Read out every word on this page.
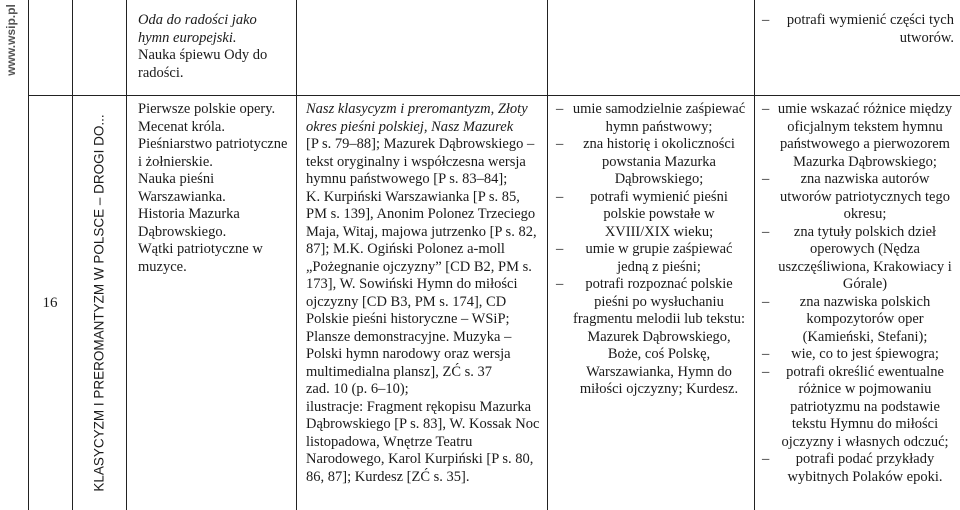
www.wsip.pl	Oda do radości jako hymn europejski.

Nauka śpiewu Ody do radości.

– potrafi wymienić części tych utworów.
16	KLASYCYZM I PREROMANTYZM W POLSCE – DROGI DO...

Pierwsze polskie opery.

Mecenat króla.

Pieśniarstwo patriotyczne i żołnierskie.

Nauka pieśni Warszawianka.

Historia Mazurka Dąbrowskiego.

Wątki patriotyczne w muzyce.

Nasz klasycyzm i preromantyzm, Złoty okres pieśni polskiej, Nasz Mazurek

[P s. 79–88]; Mazurek Dąbrowskiego – tekst oryginalny i współczesna wersja hymnu państwowego [P s. 83–84];

K. Kurpiński Warszawianka [P s. 85, PM s. 139], Anonim Polonez Trzeciego Maja, Witaj, majowa jutrzenko [P s. 82, 87]; M.K. Ogiński Polonez a-moll „Pożegnanie ojczyzny” [CD B2, PM s. 173], W. Sowiński Hymn do miłości ojczyzny [CD B3, PM s. 174], CD Polskie pieśni historyczne – WSiP; Plansze demonstracyjne. Muzyka – Polski hymn narodowy oraz wersja multimedialna plansz], ZĆ s. 37

zad. 10 (p. 6–10);

ilustracje: Fragment rękopisu Mazurka Dąbrowskiego [P s. 83], W. Kossak Noc listopadowa, Wnętrze Teatru Narodowego, Karol Kurpiński [P s. 80, 86, 87]; Kurdesz [ZĆ s. 35].

– umie samodzielnie zaśpiewać hymn państwowy;
– zna historię i okoliczności powstania Mazurka Dąbrowskiego;
– potrafi wymienić pieśni polskie powstałe w XVIII/XIX wieku;
– umie w grupie zaśpiewać jedną z pieśni;
– potrafi rozpoznać polskie pieśni po wysłuchaniu fragmentu melodii lub tekstu: Mazurek Dąbrowskiego, Boże, coś Polskę, Warszawianka, Hymn do miłości ojczyzny; Kurdesz.
– umie wskazać różnice między oficjalnym tekstem hymnu państwowego a pierwozorem Mazurka Dąbrowskiego;
– zna nazwiska autorów utworów patriotycznych tego okresu;
– zna tytuły polskich dzieł operowych (Nędza uszczęśliwiona, Krakowiacy i Górale)
– zna nazwiska polskich kompozytorów oper (Kamieński, Stefani);
– wie, co to jest śpiewogra;
– potrafi określić ewentualne różnice w pojmowaniu patriotyzmu na podstawie tekstu Hymnu do miłości ojczyzny i własnych odczuć;
– potrafi podać przykłady wybitnych Polaków epoki.
